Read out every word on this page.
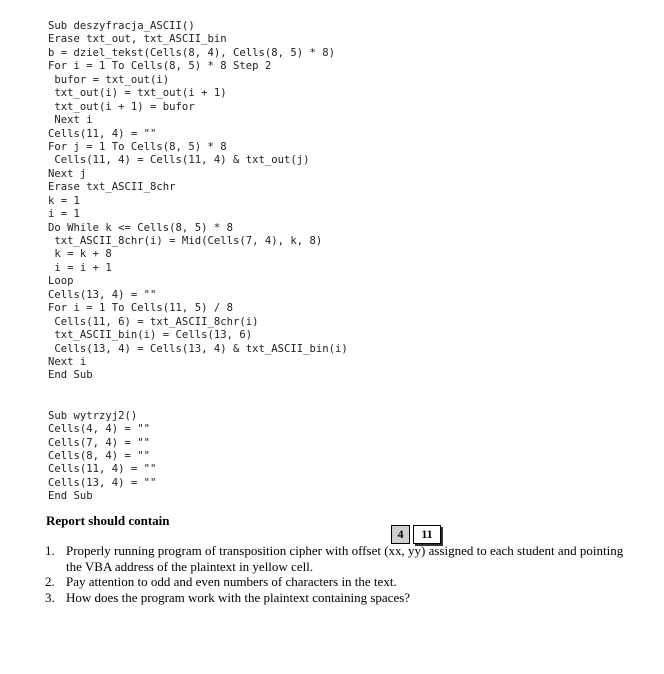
Sub deszyfracja_ASCII()
Erase txt_out, txt_ASCII_bin
b = dziel_tekst(Cells(8, 4), Cells(8, 5) * 8)
For i = 1 To Cells(8, 5) * 8 Step 2
bufor = txt_out(i)
txt_out(i) = txt_out(i + 1)
txt_out(i + 1) = bufor
Next i
Cells(11, 4) = ""
For j = 1 To Cells(8, 5) * 8
Cells(11, 4) = Cells(11, 4) & txt_out(j)
Next j
Erase txt_ASCII_8chr
k = 1
i = 1
Do While k <= Cells(8, 5) * 8
txt_ASCII_8chr(i) = Mid(Cells(7, 4), k, 8)
k = k + 8
i = i + 1
Loop
Cells(13, 4) = ""
For i = 1 To Cells(11, 5) / 8
Cells(11, 6) = txt_ASCII_8chr(i)
txt_ASCII_bin(i) = Cells(13, 6)
Cells(13, 4) = Cells(13, 4) & txt_ASCII_bin(i)
Next i
End Sub
Sub wytrzyj2()
Cells(4, 4) = ""
Cells(7, 4) = ""
Cells(8, 4) = ""
Cells(11, 4) = ""
Cells(13, 4) = ""
End Sub
Report should contain
4	11
1. Properly running program of transposition cipher with offset (xx, yy) assigned to each student and pointing the VBA address of the plaintext in yellow cell.
2. Pay attention to odd and even numbers of characters in the text.
3. How does the program work with the plaintext containing spaces?
